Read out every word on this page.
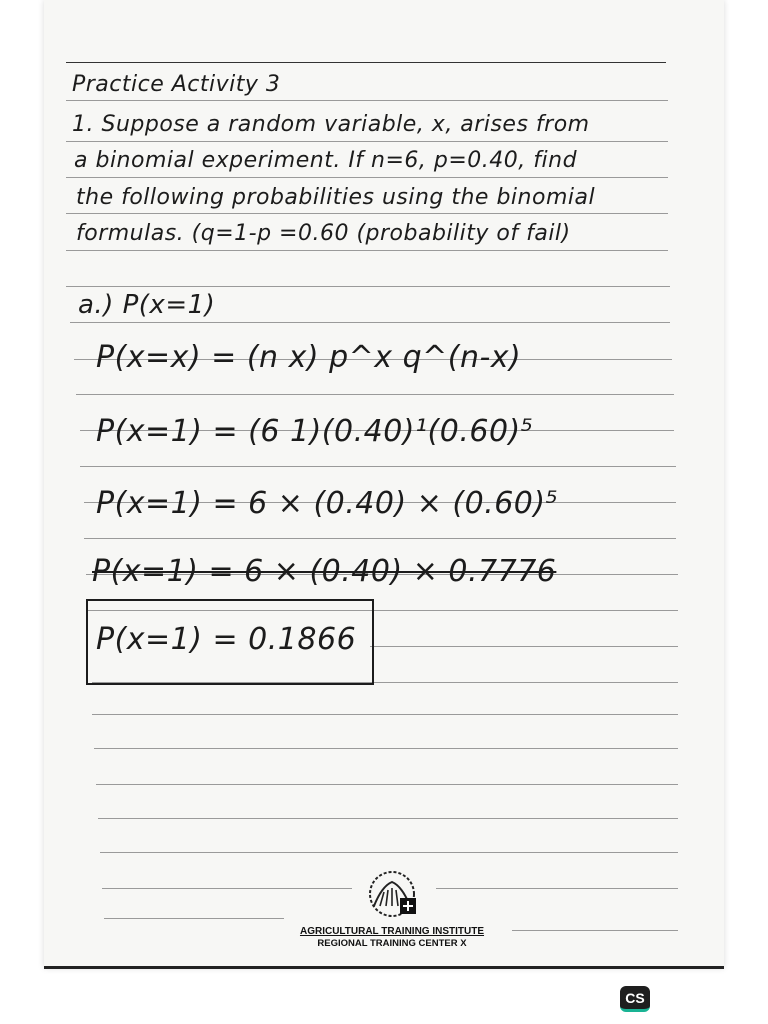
Practice Activity 3
1. Suppose a random variable, x, arises from
a binomial experiment. If n=6, p=0.40, find
the following probabilities using the binomial
formulas. (q=1-p =0.60 (probability of fail)
a.) P(x=1)
P(x=x) = (n x) p^x q^(n-x)
P(x=1) = (6 1)(0.40)¹(0.60)⁵
P(x=1) = 6 × (0.40) × (0.60)⁵
P(x=1) = 6 × (0.40) × 0.7776
P(x=1) = 0.1866
AGRICULTURAL TRAINING INSTITUTE
REGIONAL TRAINING CENTER X
CS
